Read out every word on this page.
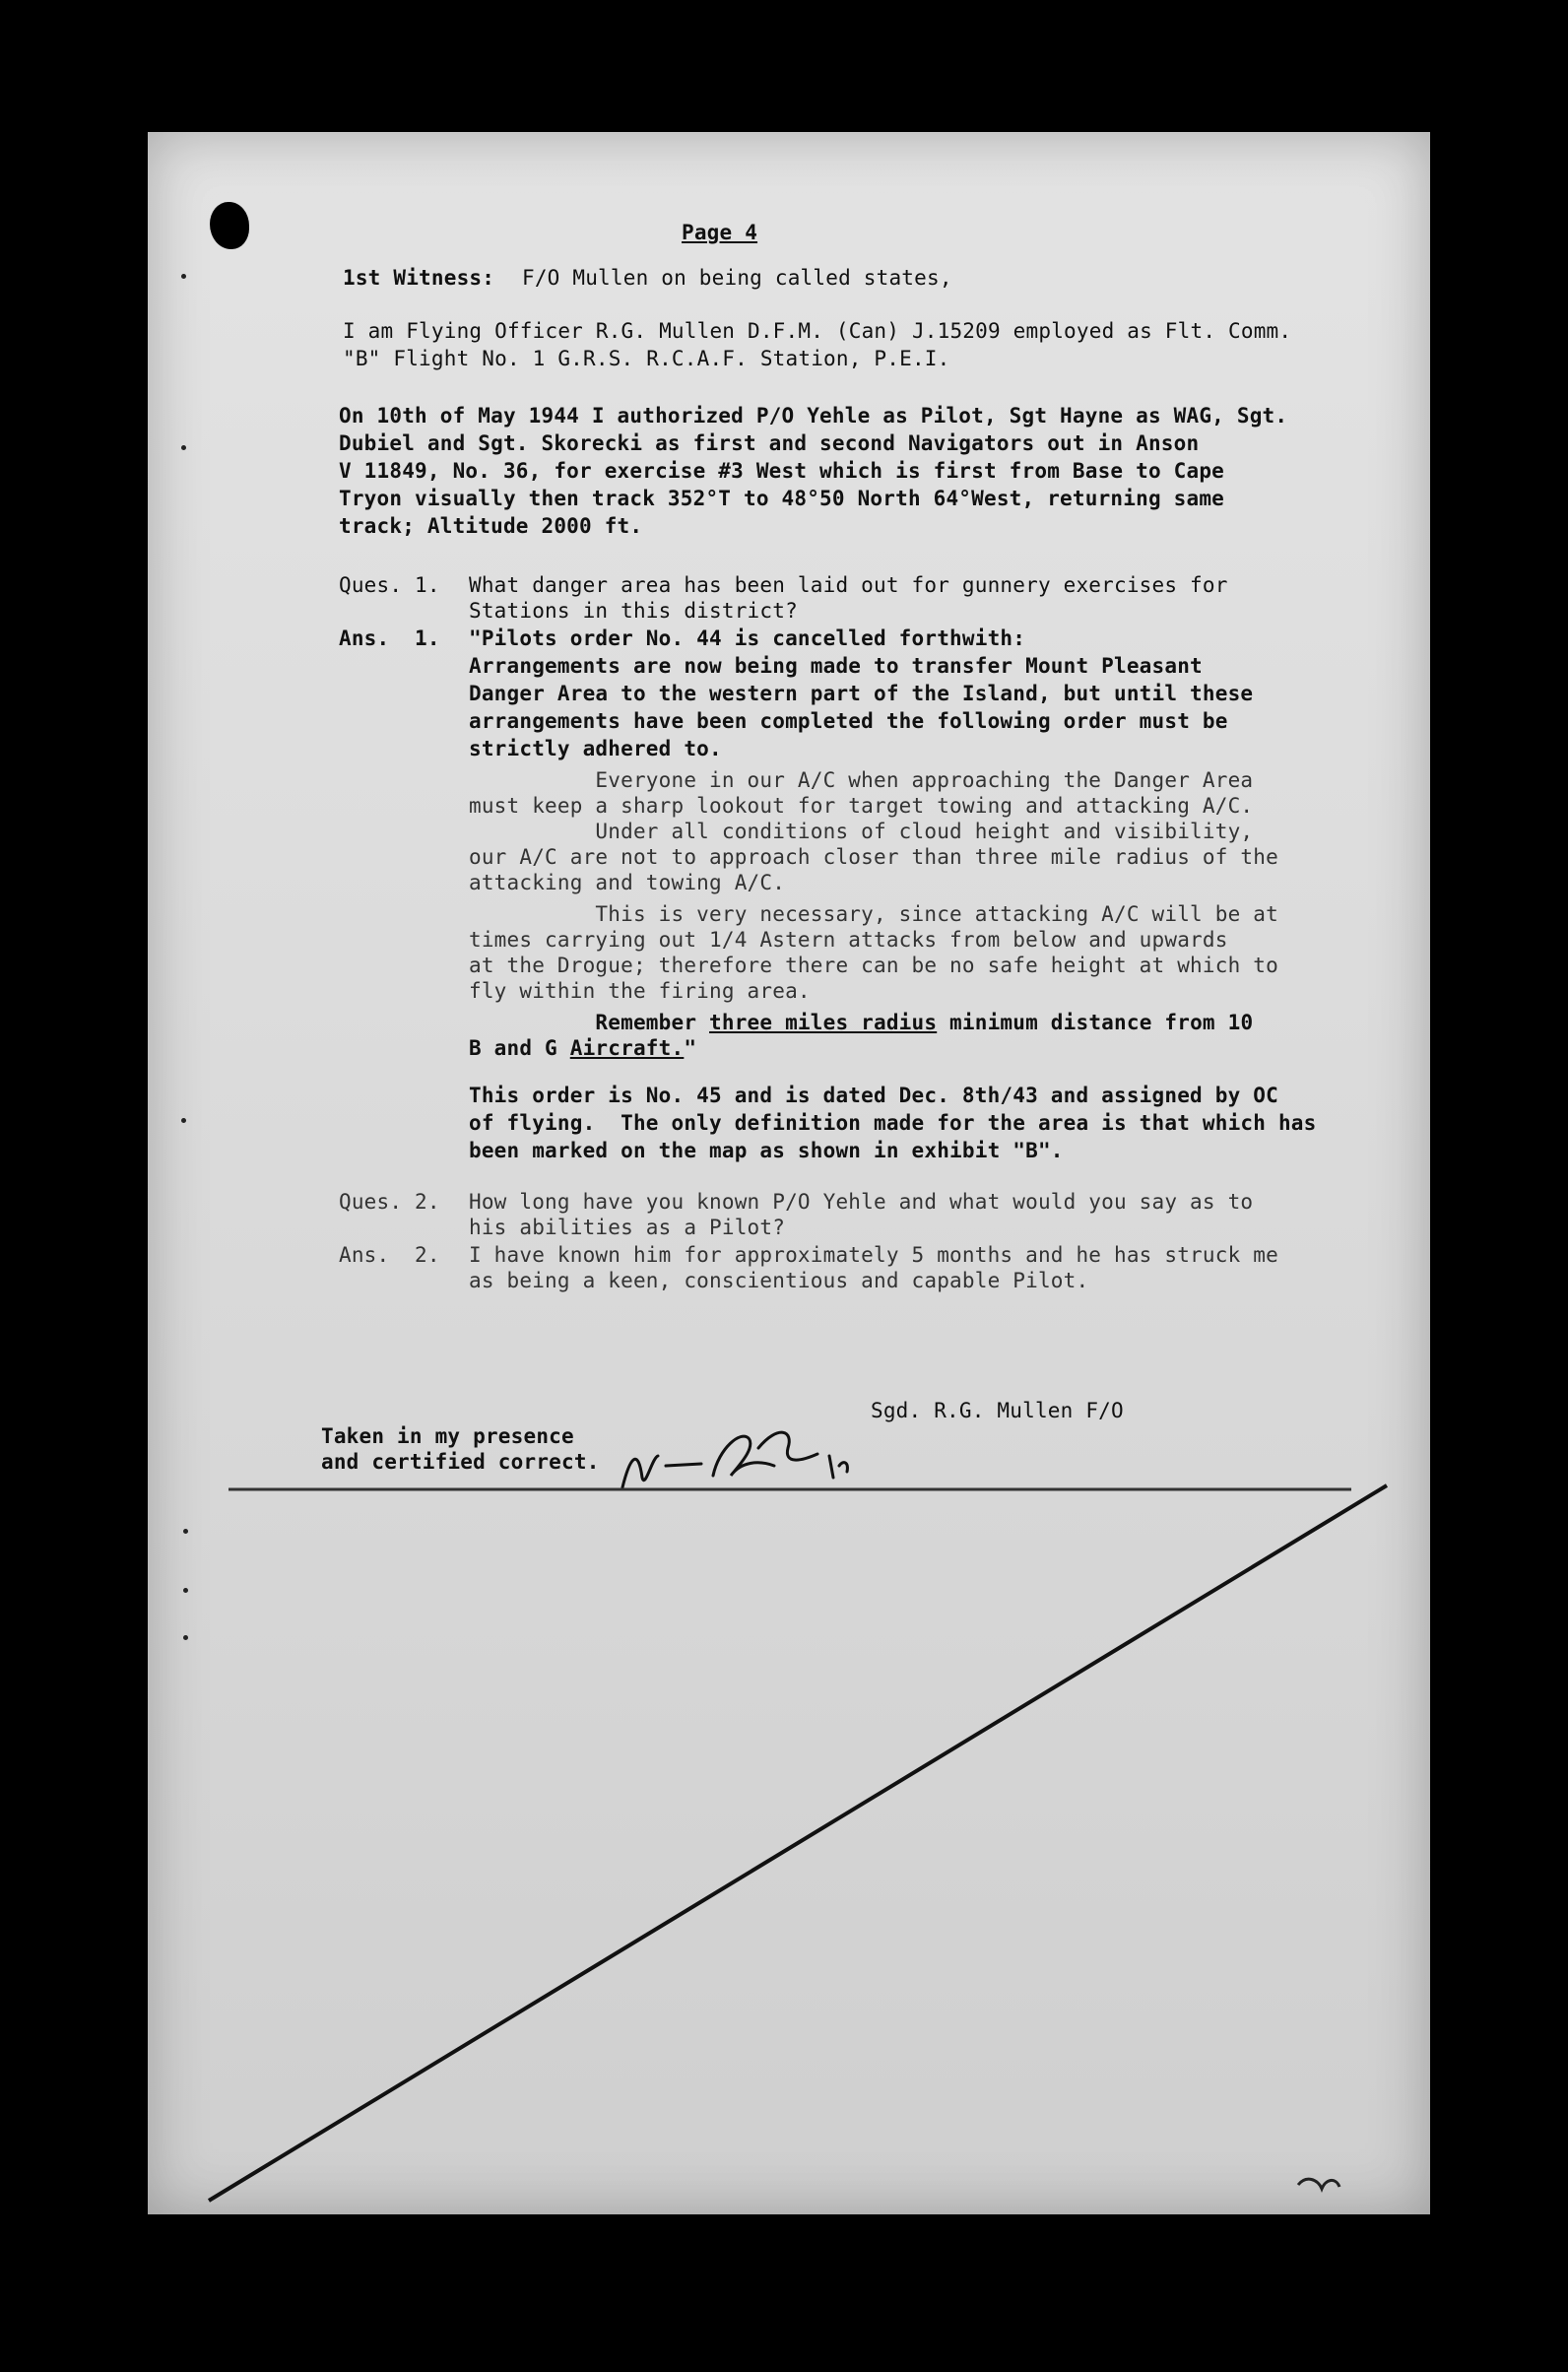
Page 4
1st Witness: F/O Mullen on being called states,
I am Flying Officer R.G. Mullen D.F.M. (Can) J.15209 employed as Flt. Comm.
"B" Flight No. 1 G.R.S. R.C.A.F. Station, P.E.I.
On 10th of May 1944 I authorized P/O Yehle as Pilot, Sgt Hayne as WAG, Sgt.
Dubiel and Sgt. Skorecki as first and second Navigators out in Anson
V 11849, No. 36, for exercise #3 West which is first from Base to Cape
Tryon visually then track 352°T to 48°50 North 64°West, returning same
track; Altitude 2000 ft.
Ques. 1. What danger area has been laid out for gunnery exercises for
Stations in this district?
Ans.  1. "Pilots order No. 44 is cancelled forthwith:
Arrangements are now being made to transfer Mount Pleasant
Danger Area to the western part of the Island, but until these
arrangements have been completed the following order must be
strictly adhered to.
Everyone in our A/C when approaching the Danger Area
must keep a sharp lookout for target towing and attacking A/C.
Under all conditions of cloud height and visibility,
our A/C are not to approach closer than three mile radius of the
attacking and towing A/C.
This is very necessary, since attacking A/C will be at
times carrying out 1/4 Astern attacks from below and upwards
at the Drogue; therefore there can be no safe height at which to
fly within the firing area.
Remember three miles radius minimum distance from 10
B and G Aircraft."
This order is No. 45 and is dated Dec. 8th/43 and assigned by OC
of flying.  The only definition made for the area is that which has
been marked on the map as shown in exhibit "B".
Ques. 2. How long have you known P/O Yehle and what would you say as to
his abilities as a Pilot?
Ans.  2. I have known him for approximately 5 months and he has struck me
as being a keen, conscientious and capable Pilot.
Sgd. R.G. Mullen F/O
Taken in my presence
and certified correct.
